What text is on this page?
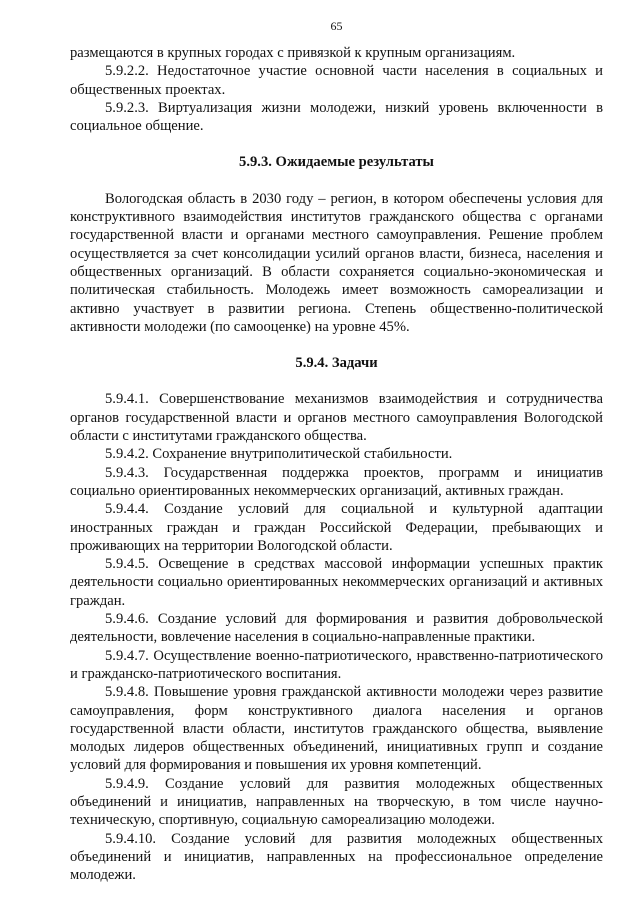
65

размещаются в крупных городах с привязкой к крупным организациям.

5.9.2.2. Недостаточное участие основной части населения в социальных и общественных проектах.

5.9.2.3. Виртуализация жизни молодежи, низкий уровень включенности в социальное общение.

5.9.3. Ожидаемые результаты

Вологодская область в 2030 году – регион, в котором обеспечены условия для конструктивного взаимодействия институтов гражданского общества с органами государственной власти и органами местного самоуправления. Решение проблем осуществляется за счет консолидации усилий органов власти, бизнеса, населения и общественных организаций. В области сохраняется социально-экономическая и политическая стабильность. Молодежь имеет возможность самореализации и активно участвует в развитии региона. Степень общественно-политической активности молодежи (по самооценке) на уровне 45%.

5.9.4. Задачи

5.9.4.1. Совершенствование механизмов взаимодействия и сотрудничества органов государственной власти и органов местного самоуправления Вологодской области с институтами гражданского общества.

5.9.4.2. Сохранение внутриполитической стабильности.

5.9.4.3. Государственная поддержка проектов, программ и инициатив социально ориентированных некоммерческих организаций, активных граждан.

5.9.4.4. Создание условий для социальной и культурной адаптации иностранных граждан и граждан Российской Федерации, пребывающих и проживающих на территории Вологодской области.

5.9.4.5. Освещение в средствах массовой информации успешных практик деятельности социально ориентированных некоммерческих организаций и активных граждан.

5.9.4.6. Создание условий для формирования и развития добровольческой деятельности, вовлечение населения в социально-направленные практики.

5.9.4.7. Осуществление военно-патриотического, нравственно-патриотического и гражданско-патриотического воспитания.

5.9.4.8. Повышение уровня гражданской активности молодежи через развитие самоуправления, форм конструктивного диалога населения и органов государственной власти области, институтов гражданского общества, выявление молодых лидеров общественных объединений, инициативных групп и создание условий для формирования и повышения их уровня компетенций.

5.9.4.9. Создание условий для развития молодежных общественных объединений и инициатив, направленных на творческую, в том числе научно-техническую, спортивную, социальную самореализацию молодежи.

5.9.4.10. Создание условий для развития молодежных общественных объединений и инициатив, направленных на профессиональное определение молодежи.
